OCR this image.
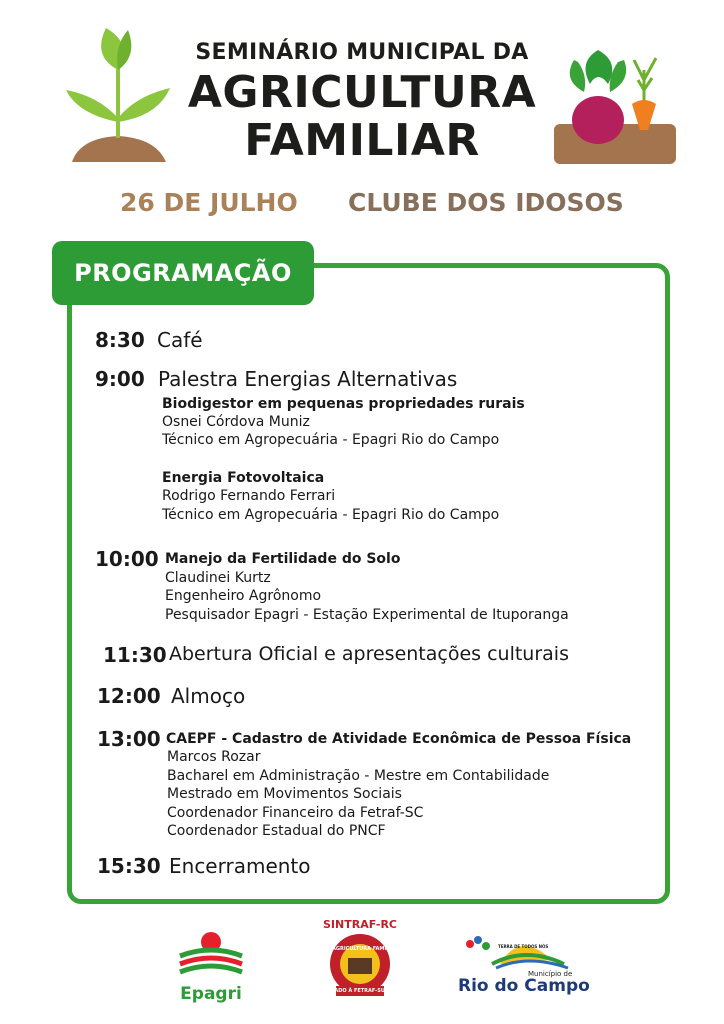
SEMINÁRIO MUNICIPAL DA
AGRICULTURA
FAMILIAR
26 DE JULHO CLUBE DOS IDOSOS
PROGRAMAÇÃO
8:30 Café
9:00 Palestra Energias Alternativas
Biodigestor em pequenas propriedades rurais
Osnei Córdova Muniz
Técnico em Agropecuária - Epagri Rio do Campo
Energia Fotovoltaica
Rodrigo Fernando Ferrari
Técnico em Agropecuária - Epagri Rio do Campo
10:00 Manejo da Fertilidade do Solo
Claudinei Kurtz
Engenheiro Agrônomo
Pesquisador Epagri - Estação Experimental de Ituporanga
11:30 Abertura Oficial e apresentações culturais
12:00 Almoço
13:00 CAEPF - Cadastro de Atividade Econômica de Pessoa Física
Marcos Rozar
Bacharel em Administração - Mestre em Contabilidade
Mestrado em Movimentos Sociais
Coordenador Financeiro da Fetraf-SC
Coordenador Estadual do PNCF
15:30 Encerramento
Epagri
SINTRAF-RC
AGRICULTURA FAMILIAR
FILIADO À FETRAF-SUL/CUT
TERRA DE TODOS NÓS
Município de
Rio do Campo
